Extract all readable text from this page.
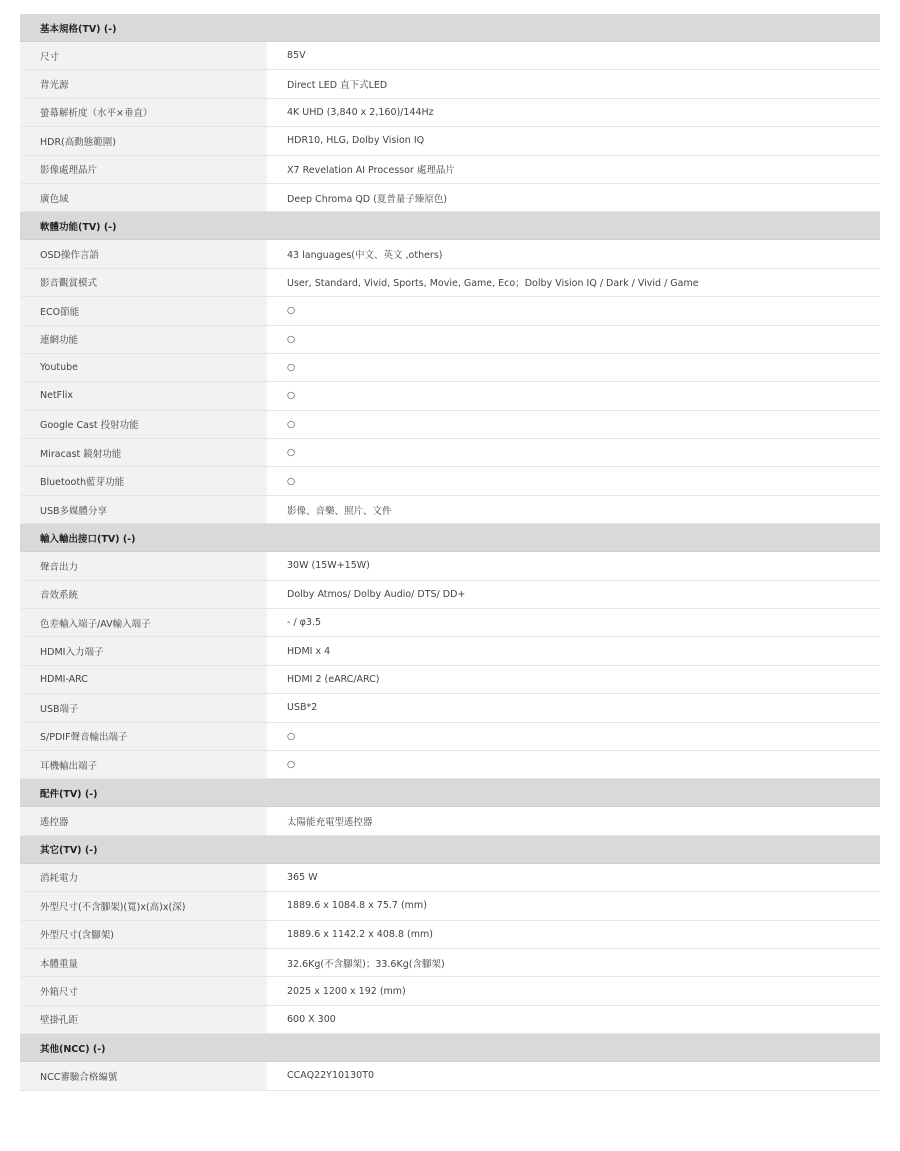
基本規格(TV) (-)
尺寸	85V
背光源	Direct LED 直下式LED
螢幕解析度（水平×垂直）	4K UHD (3,840 x 2,160)/144Hz
HDR(高動態範圍)	HDR10, HLG, Dolby Vision IQ
影像處理晶片	X7 Revelation AI Processor 處理晶片
廣色域	Deep Chroma QD (夏普量子臻原色)
軟體功能(TV) (-)
OSD操作言語	43 languages(中文、英文 ,others)
影音觀賞模式	User, Standard, Vivid, Sports, Movie, Game, Eco；Dolby Vision IQ / Dark / Vivid / Game
ECO節能	○
連網功能	○
Youtube	○
NetFlix	○
Google Cast 投射功能	○
Miracast 鏡射功能	○
Bluetooth藍芽功能	○
USB多媒體分享	影像、音樂、照片、文件
輸入輸出接口(TV) (-)
聲音出力	30W (15W+15W)
音效系統	Dolby Atmos/ Dolby Audio/ DTS/ DD+
色差輸入端子/AV輸入端子	- / φ3.5
HDMI入力端子	HDMI x 4
HDMI-ARC	HDMI 2 (eARC/ARC)
USB端子	USB*2
S/PDIF聲音輸出端子	○
耳機輸出端子	○
配件(TV) (-)
遙控器	太陽能充電型遙控器
其它(TV) (-)
消耗電力	365 W
外型尺寸(不含腳架)(寬)x(高)x(深)	1889.6 x 1084.8 x 75.7 (mm)
外型尺寸(含腳架)	1889.6 x 1142.2 x 408.8 (mm)
本體重量	32.6Kg(不含腳架)；33.6Kg(含腳架)
外箱尺寸	2025 x 1200 x 192 (mm)
壁掛孔距	600 X 300
其他(NCC) (-)
NCC審驗合格編號	CCAQ22Y10130T0
